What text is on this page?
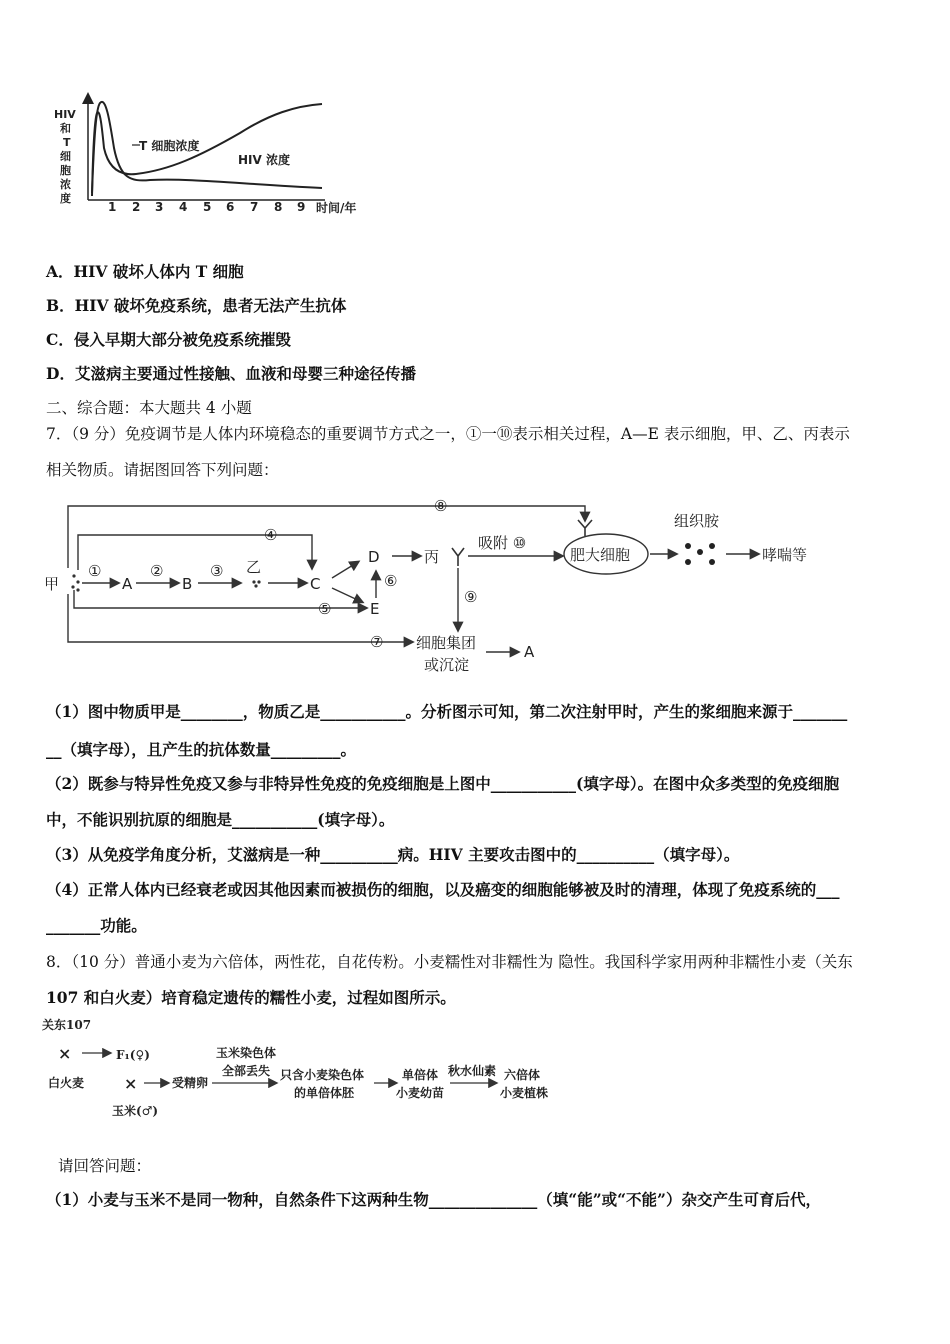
HIV
和
T
细
胞
浓
度
T 细胞浓度
HIV 浓度
1 2 3 4 5 6 7 8 9 时间/年
A．HIV 破坏人体内 T 细胞
B．HIV 破坏免疫系统，患者无法产生抗体
C．侵入早期大部分被免疫系统摧毁
D．艾滋病主要通过性接触、血液和母婴三种途径传播
二、综合题：本大题共 4 小题
7．（9 分）免疫调节是人体内环境稳态的重要调节方式之一，①一⑩表示相关过程，A—E 表示细胞，甲、乙、丙表示
相关物质。请据图回答下列问题：
甲
①
A
②
B
③ 乙
C
④
D
E
⑥
⑤
丙
吸附 ⑩
⑧
⑨
肥大细胞
组织胺
哮喘等
⑦ 细胞集团
或沉淀
A
（1）图中物质甲是________，物质乙是___________。分析图示可知，第二次注射甲时，产生的浆细胞来源于_______
__（填字母），且产生的抗体数量_________。
（2）既参与特异性免疫又参与非特异性免疫的免疫细胞是上图中___________(填字母）。在图中众多类型的免疫细胞
中，不能识别抗原的细胞是___________(填字母）。
（3）从免疫学角度分析，艾滋病是一种__________病。HIV 主要攻击图中的__________（填字母）。
（4）正常人体内已经衰老或因其他因素而被损伤的细胞，以及癌变的细胞能够被及时的清理，体现了免疫系统的___
_______功能。
8．（10 分）普通小麦为六倍体，两性花，自花传粉。小麦糯性对非糯性为 隐性。我国科学家用两种非糯性小麦（关东
107 和白火麦）培育稳定遗传的糯性小麦，过程如图所示。
关东107
×	F₁(♀)
白火麦 ×	受精卵
玉米(♂)
玉米染色体
全部丢失 只含小麦染色体
的单倍体胚
单倍体
小麦幼苗
秋水仙素 六倍体
小麦植株
请回答问题：
（1）小麦与玉米不是同一物种，自然条件下这两种生物______________（填“能”或“不能”）杂交产生可育后代，
